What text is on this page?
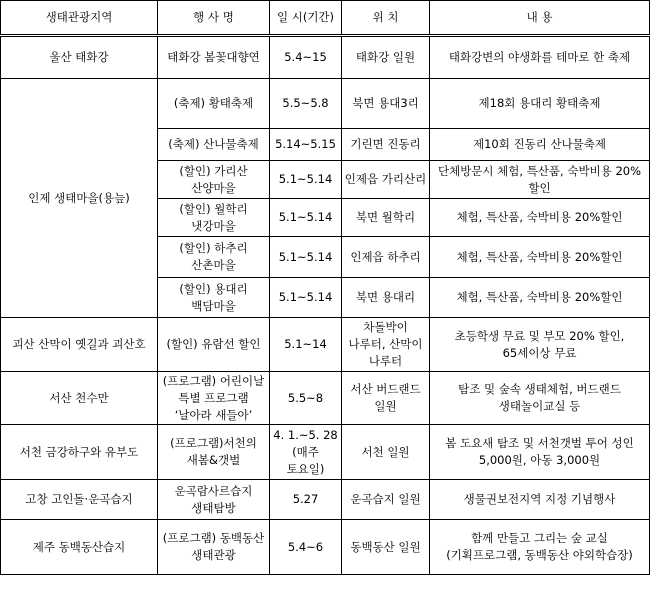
생태관광지역	행 사 명	일 시(기간)	위 치	내 용
울산 태화강	태화강 봄꽃대향연	5.4~15	태화강 일원	태화강변의 야생화를 테마로 한 축제
인제 생태마을(용늪)	(축제) 황태축제	5.5~5.8	북면 용대3리	제18회 용대리 황태축제
	(축제) 산나물축제	5.14~5.15	기린면 진동리	제10회 진동리 산나물축제
	(할인) 가리산 산양마을	5.1~5.14	인제읍 가리산리	단체방문시 체험, 특산품, 숙박비용 20%할인
	(할인) 월학리 냇강마을	5.1~5.14	북면 월학리	체험, 특산품, 숙박비용 20%할인
	(할인) 하추리 산촌마을	5.1~5.14	인제읍 하추리	체험, 특산품, 숙박비용 20%할인
	(할인) 용대리 백담마을	5.1~5.14	북면 용대리	체험, 특산품, 숙박비용 20%할인
괴산 산막이 옛길과 괴산호	(할인) 유람선 할인	5.1~14	차돌박이 나루터, 산막이 나루터	초등학생 무료 및 부모 20% 할인, 65세이상 무료
서산 천수만	(프로그램) 어린이날 특별 프로그램 ‘날아라 새들아’	5.5~8	서산 버드랜드 일원	탐조 및 숲속 생태체험, 버드랜드 생태놀이교실 등
서천 금강하구와 유부도	(프로그램)서천의 새봄&갯벌	4. 1.~5. 28 (매주 토요일)	서천 일원	봄 도요새 탐조 및 서천갯벌 투어 성인 5,000원, 아동 3,000원
고창 고인돌·운곡습지	운곡람사르습지 생태탐방	5.27	운곡습지 일원	생물권보전지역 지정 기념행사
제주 동백동산습지	(프로그램) 동백동산 생태관광	5.4~6	동백동산 일원	함께 만들고 그리는 숲 교실 (기획프로그램, 동백동산 야외학습장)
